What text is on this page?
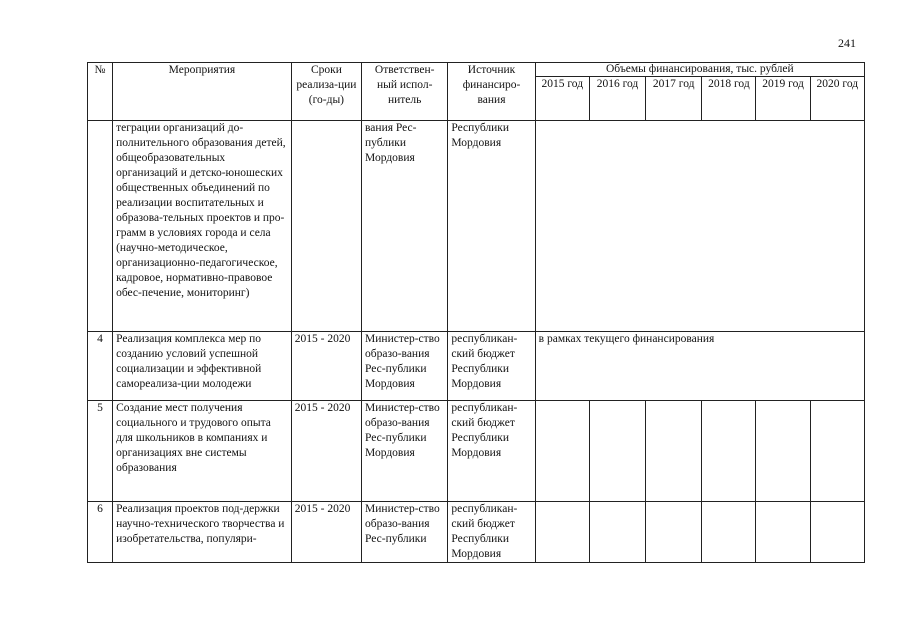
241
№	Мероприятия	Сроки реализа-ции (го-ды)	Ответствен-ный испол-нитель	Источник финансиро-вания	Объемы финансирования, тыс. рублей					
					2015 год	2016 год	2017 год	2018 год	2019 год	2020 год
	теграции организаций до-полнительного образования детей, общеобразовательных организаций и детско-юношеских общественных объединений по реализации воспитательных и образова-тельных проектов и про-грамм в условиях города и села (научно-методическое, организационно-педагогическое, кадровое, нормативно-правовое обес-печение, мониторинг)		вания Рес-публики Мордовия	Республики Мордовия						
4	Реализация комплекса мер по созданию условий успешной социализации и эффективной самореализа-ции молодежи	2015 - 2020	Министер-ство образо-вания Рес-публики Мордовия	республикан-ский бюджет Республики Мордовия	в рамках текущего финансирования					
5	Создание мест получения социального и трудового опыта для школьников в компаниях и организациях вне системы образования	2015 - 2020	Министер-ство образо-вания Рес-публики Мордовия	республикан-ский бюджет Республики Мордовия						
6	Реализация проектов под-держки научно-технического творчества и изобретательства, популяри-	2015 - 2020	Министер-ство образо-вания Рес-публики	республикан-ский бюджет Республики Мордовия						
